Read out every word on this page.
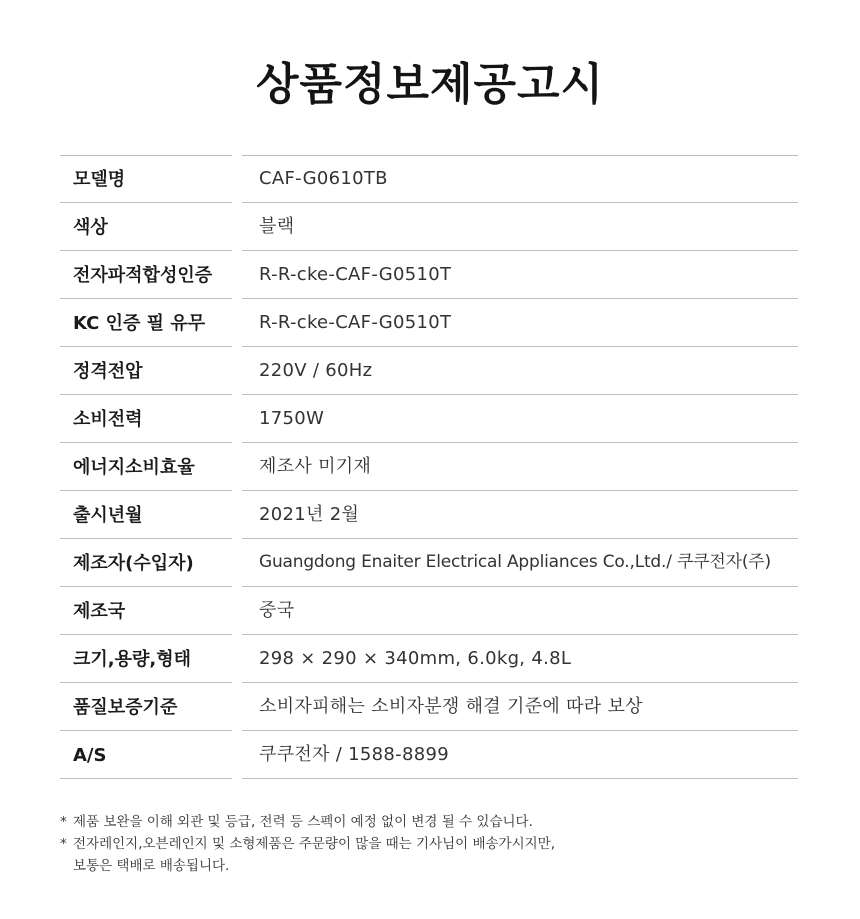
상품정보제공고시
모델명	CAF-G0610TB
색상	블랙
전자파적합성인증	R-R-cke-CAF-G0510T
KC 인증 필 유무	R-R-cke-CAF-G0510T
정격전압	220V / 60Hz
소비전력	1750W
에너지소비효율	제조사 미기재
출시년월	2021년 2월
제조자(수입자)	Guangdong Enaiter Electrical Appliances Co.,Ltd./ 쿠쿠전자(주)
제조국	중국
크기,용량,형태	298 × 290 × 340mm, 6.0kg, 4.8L
품질보증기준	소비자피해는 소비자분쟁 해결 기준에 따라 보상
A/S	쿠쿠전자 / 1588-8899

* 제품 보완을 이해 외관 및 등급, 전력 등 스펙이 예정 없이 변경 될 수 있습니다.

* 전자레인지,오븐레인지 및 소형제품은 주문량이 많을 때는 기사님이 배송가시지만,
보통은 택배로 배송됩니다.
